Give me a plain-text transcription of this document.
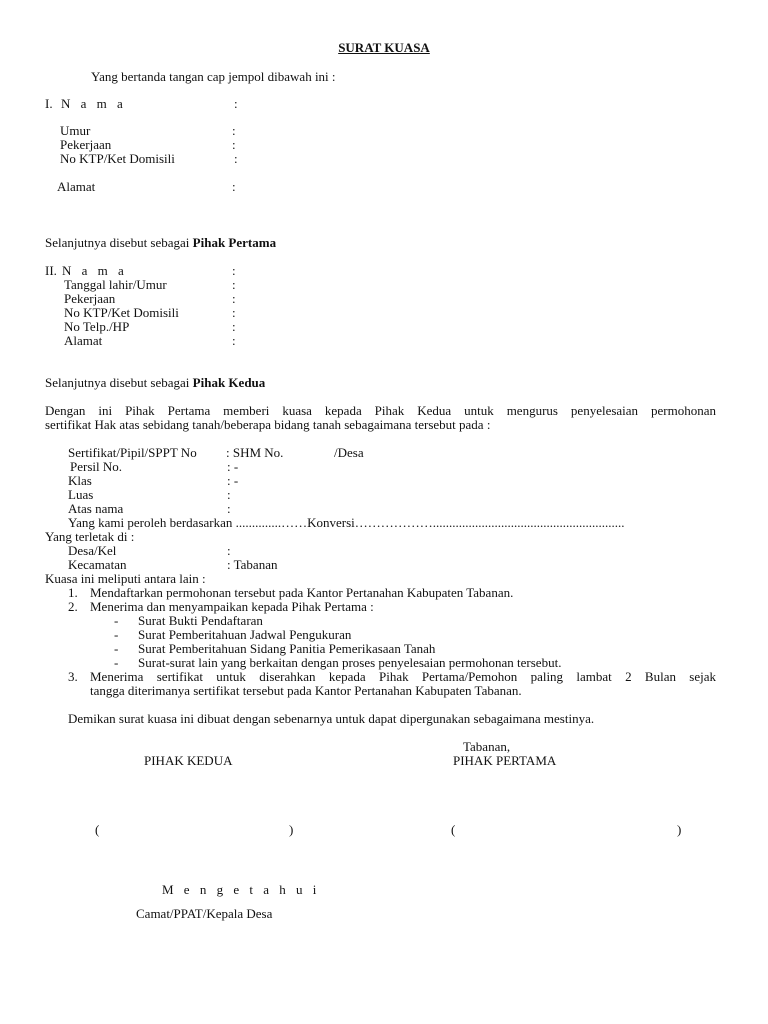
SURAT KUASA
Yang bertanda tangan cap jempol dibawah ini :
I. N a m a	:
Umur	:
Pekerjaan	:
No KTP/Ket Domisili	:
Alamat	:
Selanjutnya disebut sebagai Pihak Pertama
II. N a m a	:
Tanggal lahir/Umur	:
Pekerjaan	:
No KTP/Ket Domisili	:
No Telp./HP	:
Alamat	:
Selanjutnya disebut sebagai Pihak Kedua
Dengan ini Pihak Pertama memberi kuasa kepada Pihak Kedua untuk mengurus penyelesaian permohonan
sertifikat Hak atas sebidang tanah/beberapa bidang tanah sebagaimana tersebut pada :
Sertifikat/Pipil/SPPT No : SHM No.	/Desa
Persil No.	: -
Klas	: -
Luas	:
Atas nama	:
Yang kami peroleh berdasarkan ..............……Konversi………………...........................................................
Yang terletak di :
Desa/Kel	:
Kecamatan	: Tabanan
Kuasa ini meliputi antara lain :
1. Mendaftarkan permohonan tersebut pada Kantor Pertanahan Kabupaten Tabanan.
2. Menerima dan menyampaikan kepada Pihak Pertama :
- Surat Bukti Pendaftaran
- Surat Pemberitahuan Jadwal Pengukuran
- Surat Pemberitahuan Sidang Panitia Pemerikasaan Tanah
- Surat-surat lain yang berkaitan dengan proses penyelesaian permohonan tersebut.
3. Menerima sertifikat untuk diserahkan kepada Pihak Pertama/Pemohon paling lambat 2 Bulan sejak
tangga diterimanya sertifikat tersebut pada Kantor Pertanahan Kabupaten Tabanan.
Demikan surat kuasa ini dibuat dengan sebenarnya untuk dapat dipergunakan sebagaimana mestinya.
Tabanan,
PIHAK KEDUA	PIHAK PERTAMA
(	)	(	)
M e n g e t a h u i
Camat/PPAT/Kepala Desa
